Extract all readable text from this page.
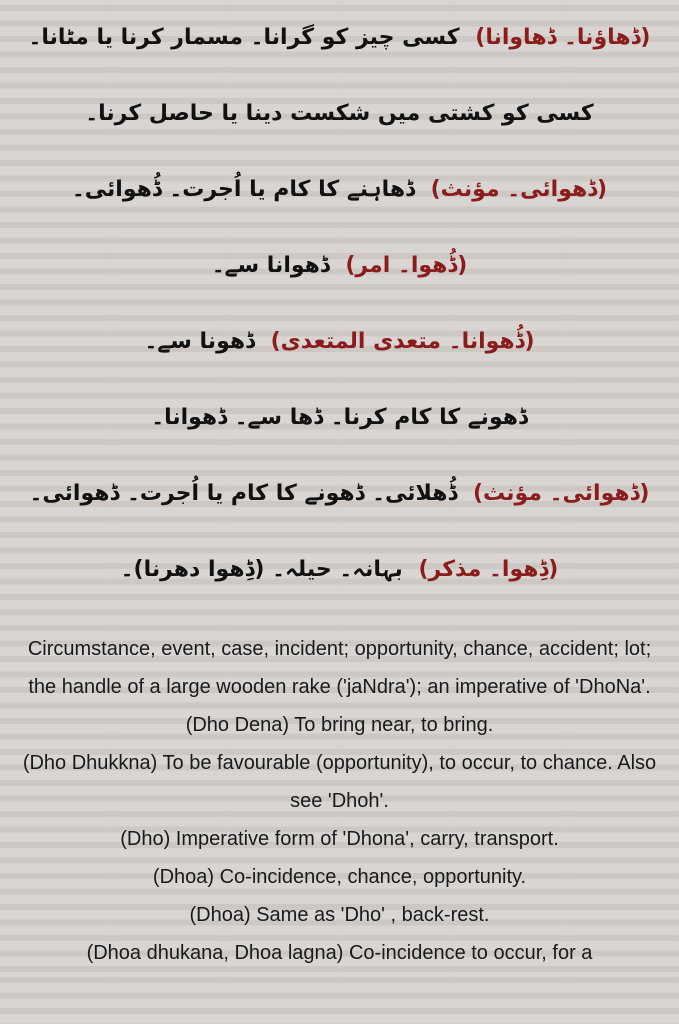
(ڈھاؤنا۔ ڈھاوانا) کسی چیز کو گرانا۔ مسمار کرنا یا مٹانا۔ کسی کو کشتی میں شکست دینا یا حاصل کرنا۔

(ڈھوائی۔ مؤنث) ڈھاہنے کا کام یا اُجرت۔ ڈُھوائی۔

(ڈُھوا۔ امر) ڈھوانا سے۔

(ڈُھوانا۔ متعدی المتعدی) ڈھونا سے۔ ڈھونے کا کام کرنا۔ ڈھا سے۔ ڈھوانا۔

(ڈھوائی۔ مؤنث) ڈُھلائی۔ ڈھونے کا کام یا اُجرت۔ ڈھوائی۔

(ڈِھوا۔ مذکر) بہانہ۔ حیلہ۔ (ڈِھوا دھرنا)۔

Circumstance, event, case, incident; opportunity, chance, accident; lot; the handle of a large wooden rake ('jaNdra'); an imperative of 'DhoNa'.

(Dho Dena) To bring near, to bring.

(Dho Dhukkna) To be favourable (opportunity), to occur, to chance. Also see 'Dhoh'.

(Dho) Imperative form of 'Dhona', carry, transport.

(Dhoa) Co-incidence, chance, opportunity.

(Dhoa) Same as 'Dho' , back-rest.

(Dhoa dhukana, Dhoa lagna) Co-incidence to occur, for a
